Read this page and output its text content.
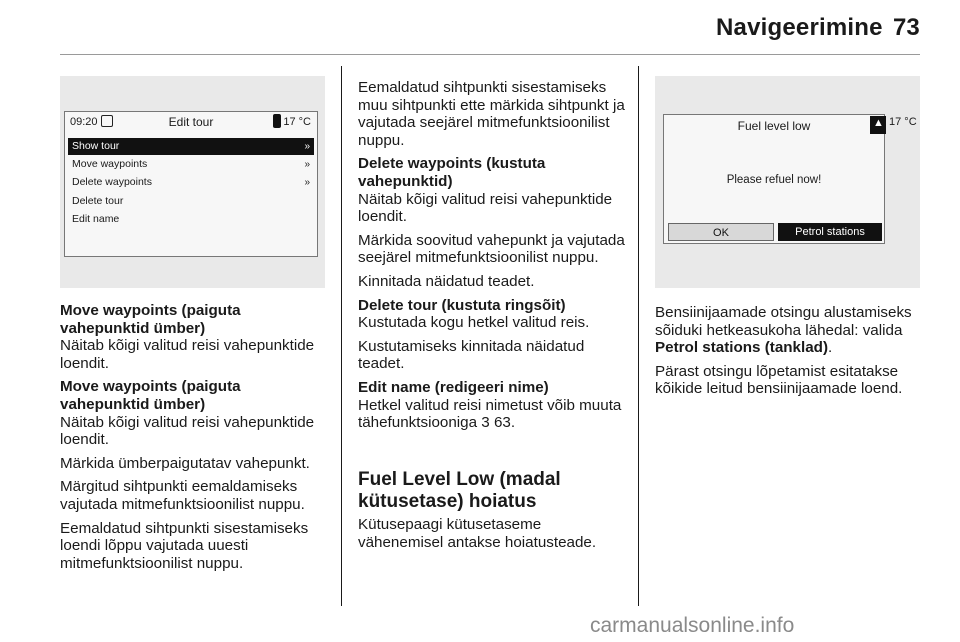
Navigeerimine 73
09:20	Edit tour	17 °C
Show tour	»
Move waypoints	»
Delete waypoints	»
Delete tour
Edit name
Move waypoints (paiguta vahepunktid ümber)

Näitab kõigi valitud reisi vahepunktide loendit.

Move waypoints (paiguta vahepunktid ümber)

Näitab kõigi valitud reisi vahepunktide loendit.

Märkida ümberpaigutatav vahepunkt.

Märgitud sihtpunkti eemaldamiseks vajutada mitmefunktsioonilist nuppu.

Eemaldatud sihtpunkti sisestamiseks loendi lõppu vajutada uuesti mitmefunktsioonilist nuppu.

Eemaldatud sihtpunkti sisestamiseks muu sihtpunkti ette märkida sihtpunkt ja vajutada seejärel mitmefunktsioonilist nuppu.

Delete waypoints (kustuta vahepunktid)

Näitab kõigi valitud reisi vahepunktide loendit.

Märkida soovitud vahepunkt ja vajutada seejärel mitmefunktsioonilist nuppu.

Kinnitada näidatud teadet.

Delete tour (kustuta ringsõit)

Kustutada kogu hetkel valitud reis.

Kustutamiseks kinnitada näidatud teadet.

Edit name (redigeeri nime)

Hetkel valitud reisi nimetust võib muuta tähefunktsiooniga 3 63.

Fuel Level Low (madal kütusetase) hoiatus

Kütusepaagi kütusetaseme vähenemisel antakse hoiatusteade.

Fuel level low
▲
Please refuel now!
OK	Petrol stations
17 °C

Bensiinijaamade otsingu alustamiseks sõiduki hetkeasukoha lähedal: valida Petrol stations (tanklad).

Pärast otsingu lõpetamist esitatakse kõikide leitud bensiinijaamade loend.

carmanualsonline.info
